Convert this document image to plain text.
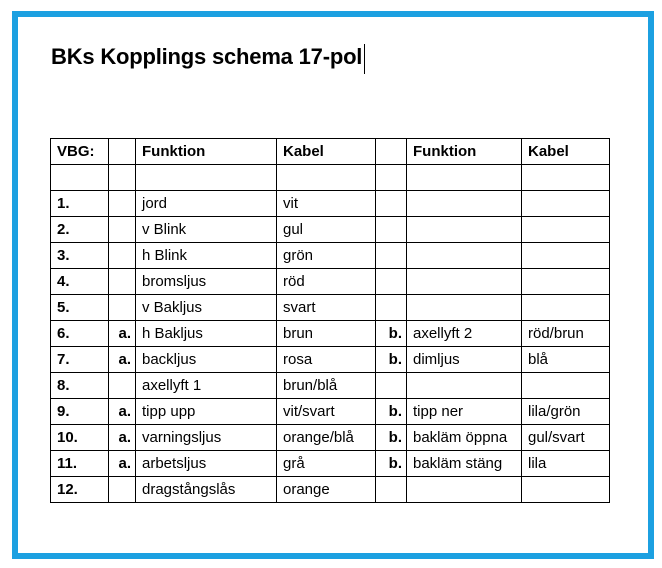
BKs Kopplings schema 17-pol
VBG:		Funktion	Kabel		Funktion	Kabel

1.		jord	vit			
2.		v Blink	gul			
3.		h Blink	grön			
4.		bromsljus	röd			
5.		v Bakljus	svart			
6.	a.	h Bakljus	brun	b.	axellyft 2	röd/brun
7.	a.	backljus	rosa	b.	dimljus	blå
8.		axellyft 1	brun/blå			
9.	a.	tipp upp	vit/svart	b.	tipp ner	lila/grön
10.	a.	varningsljus	orange/blå	b.	bakläm öppna	gul/svart
11.	a.	arbetsljus	grå	b.	bakläm stäng	lila
12.		dragstångslås	orange			
